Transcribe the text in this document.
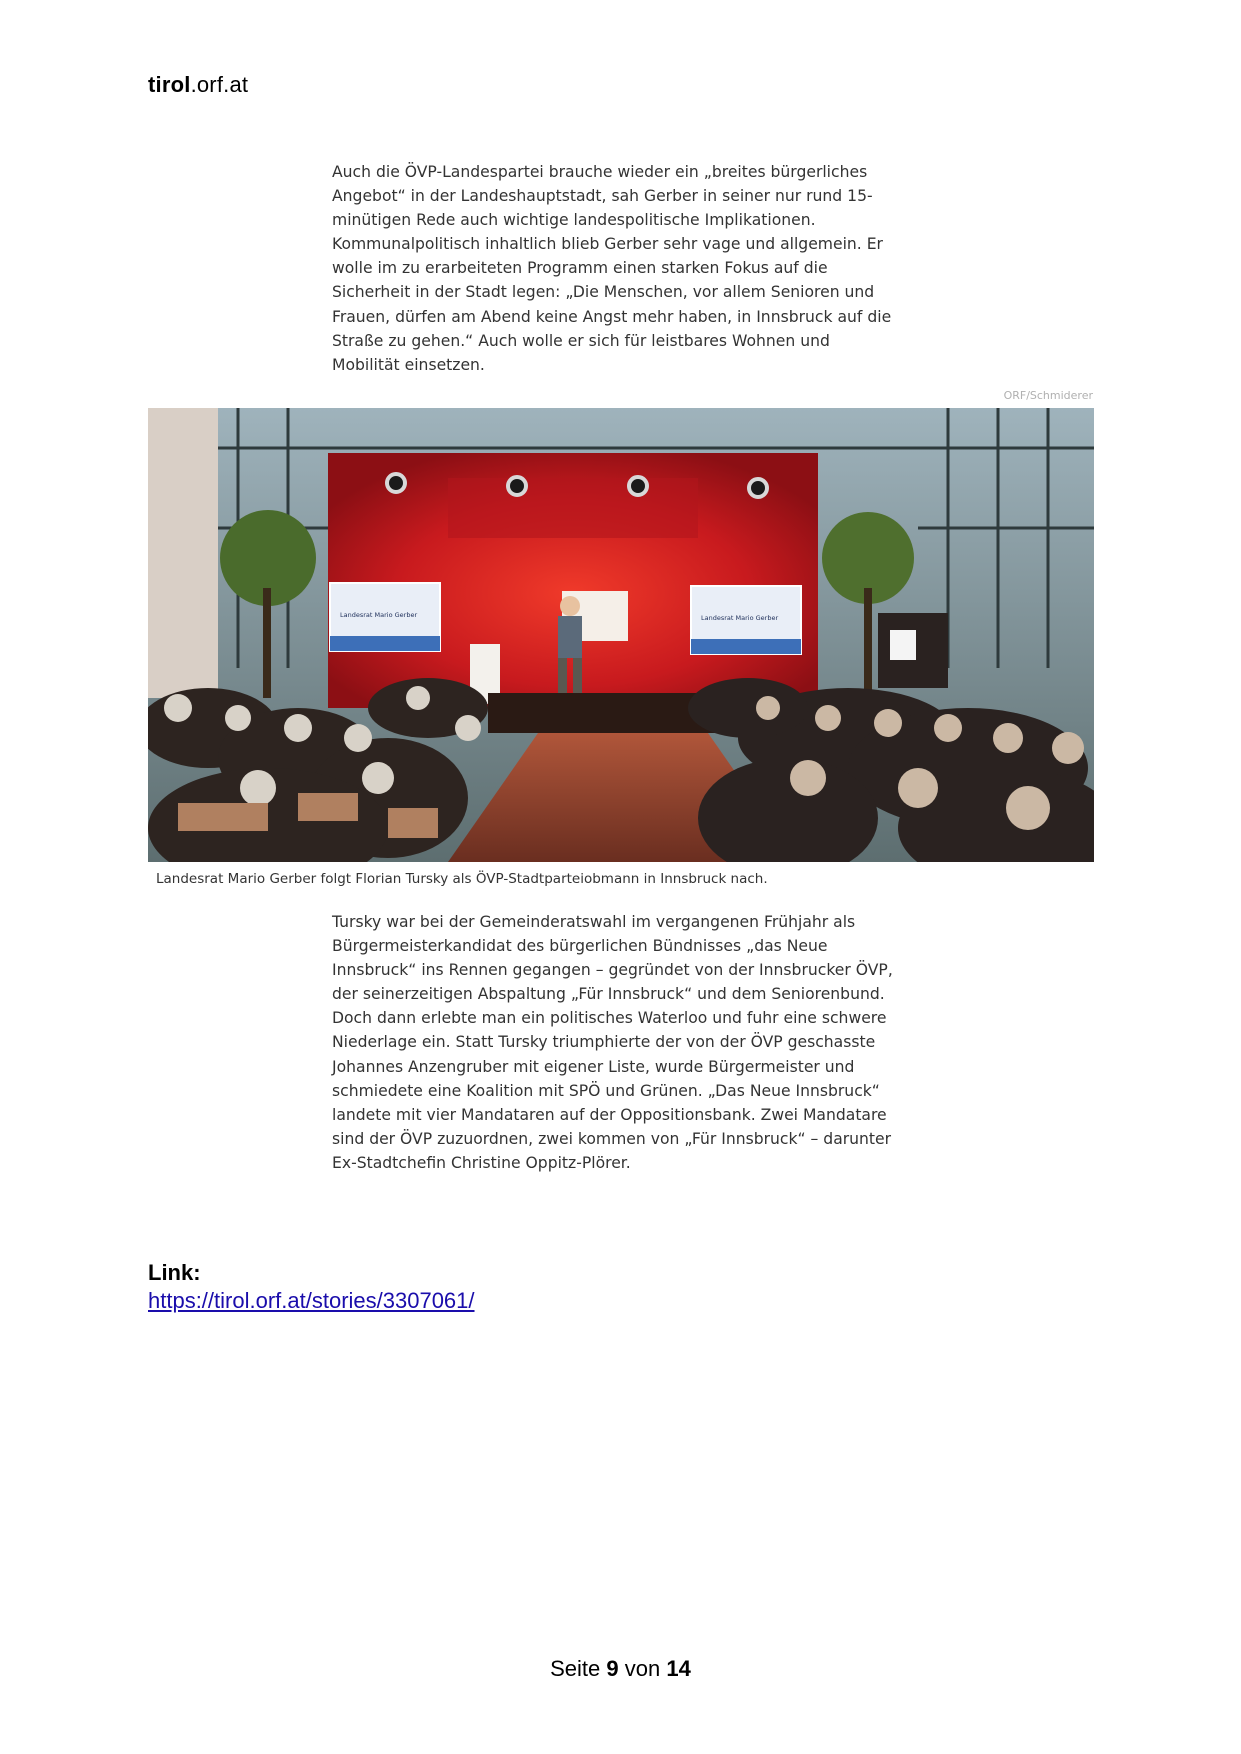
tirol.orf.at
Auch die ÖVP-Landespartei brauche wieder ein „breites bürgerliches
Angebot“ in der Landeshauptstadt, sah Gerber in seiner nur rund 15-
minütigen Rede auch wichtige landespolitische Implikationen.
Kommunalpolitisch inhaltlich blieb Gerber sehr vage und allgemein. Er
wolle im zu erarbeiteten Programm einen starken Fokus auf die
Sicherheit in der Stadt legen: „Die Menschen, vor allem Senioren und
Frauen, dürfen am Abend keine Angst mehr haben, in Innsbruck auf die
Straße zu gehen.“ Auch wolle er sich für leistbares Wohnen und
Mobilität einsetzen.
ORF/Schmiderer
Landesrat Mario Gerber	Landesrat Mario Gerber
Landesrat Mario Gerber folgt Florian Tursky als ÖVP-Stadtparteiobmann in Innsbruck nach.
Tursky war bei der Gemeinderatswahl im vergangenen Frühjahr als
Bürgermeisterkandidat des bürgerlichen Bündnisses „das Neue
Innsbruck“ ins Rennen gegangen – gegründet von der Innsbrucker ÖVP,
der seinerzeitigen Abspaltung „Für Innsbruck“ und dem Seniorenbund.
Doch dann erlebte man ein politisches Waterloo und fuhr eine schwere
Niederlage ein. Statt Tursky triumphierte der von der ÖVP geschasste
Johannes Anzengruber mit eigener Liste, wurde Bürgermeister und
schmiedete eine Koalition mit SPÖ und Grünen. „Das Neue Innsbruck“
landete mit vier Mandataren auf der Oppositionsbank. Zwei Mandatare
sind der ÖVP zuzuordnen, zwei kommen von „Für Innsbruck“ – darunter
Ex-Stadtchefin Christine Oppitz-Plörer.
Link:
https://tirol.orf.at/stories/3307061/
Seite 9 von 14
